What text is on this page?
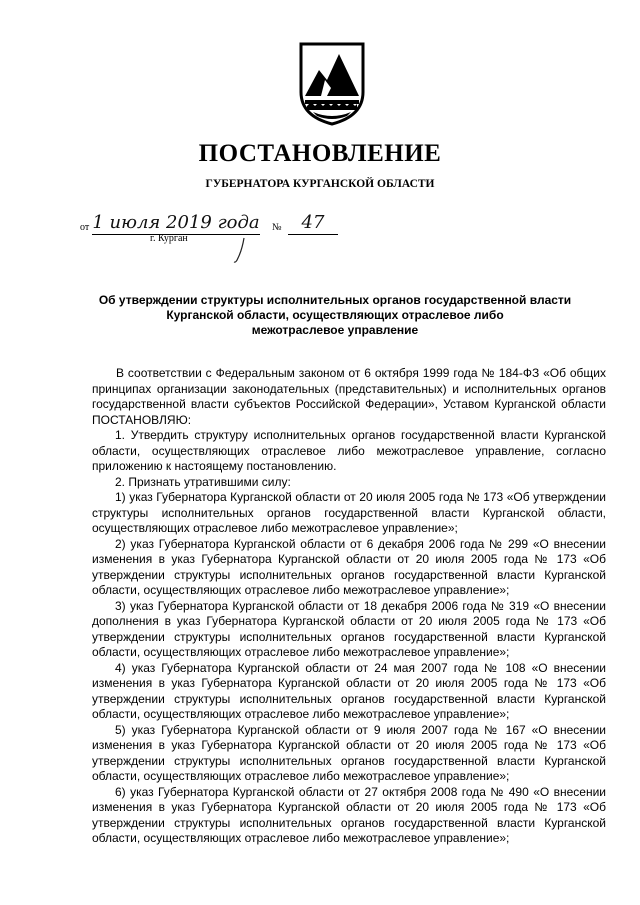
ПОСТАНОВЛЕНИЕ
ГУБЕРНАТОРА КУРГАНСКОЙ ОБЛАСТИ
от 1 июля 2019 года №	47
г. Курган
Об утверждении структуры исполнительных органов государственной власти
Курганской области, осуществляющих отраслевое либо
межотраслевое управление

В соответствии с Федеральным законом от 6 октября 1999 года № 184-ФЗ «Об общих принципах организации законодательных (представительных) и исполнительных органов государственной власти субъектов Российской Федерации», Уставом Курганской области ПОСТАНОВЛЯЮ:

1. Утвердить структуру исполнительных органов государственной власти Курганской области, осуществляющих отраслевое либо межотраслевое управление, согласно приложению к настоящему постановлению.

2. Признать утратившими силу:

1) указ Губернатора Курганской области от 20 июля 2005 года № 173 «Об утверждении структуры исполнительных органов государственной власти Курганской области, осуществляющих отраслевое либо межотраслевое управление»;

2) указ Губернатора Курганской области от 6 декабря 2006 года № 299 «О внесении изменения в указ Губернатора Курганской области от 20 июля 2005 года № 173 «Об утверждении структуры исполнительных органов государственной власти Курганской области, осуществляющих отраслевое либо межотраслевое управление»;

3) указ Губернатора Курганской области от 18 декабря 2006 года № 319 «О внесении дополнения в указ Губернатора Курганской области от 20 июля 2005 года № 173 «Об утверждении структуры исполнительных органов государственной власти Курганской области, осуществляющих отраслевое либо межотраслевое управление»;

4) указ Губернатора Курганской области от 24 мая 2007 года № 108 «О внесении изменения в указ Губернатора Курганской области от 20 июля 2005 года № 173 «Об утверждении структуры исполнительных органов государственной власти Курганской области, осуществляющих отраслевое либо межотраслевое управление»;

5) указ Губернатора Курганской области от 9 июля 2007 года № 167 «О внесении изменения в указ Губернатора Курганской области от 20 июля 2005 года № 173 «Об утверждении структуры исполнительных органов государственной власти Курганской области, осуществляющих отраслевое либо межотраслевое управление»;

6) указ Губернатора Курганской области от 27 октября 2008 года № 490 «О внесении изменения в указ Губернатора Курганской области от 20 июля 2005 года № 173 «Об утверждении структуры исполнительных органов государственной власти Курганской области, осуществляющих отраслевое либо межотраслевое управление»;
